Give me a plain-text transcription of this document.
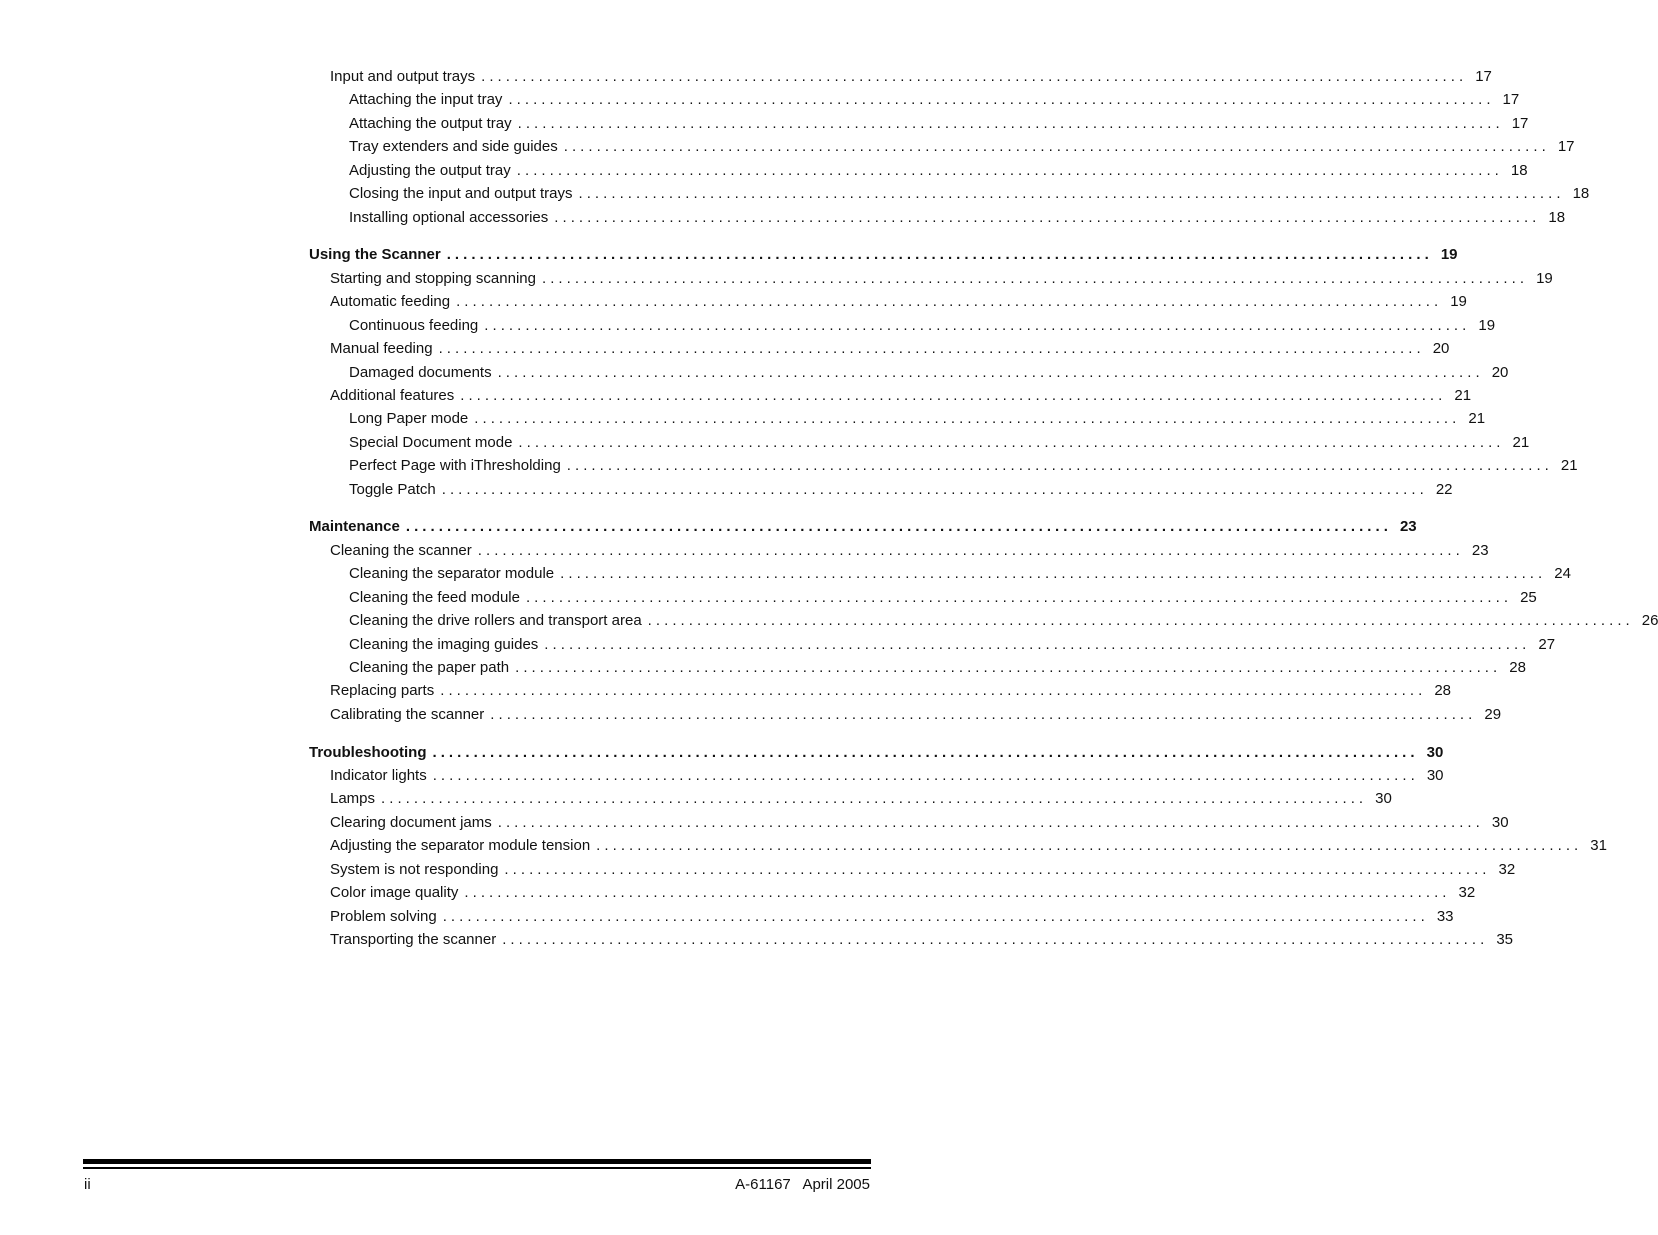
Input and output trays ........................................................................................................................ 17
Attaching the input tray ........................................................................................................................ 17
Attaching the output tray ........................................................................................................................ 17
Tray extenders and side guides ........................................................................................................................ 17
Adjusting the output tray ........................................................................................................................ 18
Closing the input and output trays ........................................................................................................................ 18
Installing optional accessories ........................................................................................................................ 18
Using the Scanner ........................................................................................................................ 19
Starting and stopping scanning ........................................................................................................................ 19
Automatic feeding ........................................................................................................................ 19
Continuous feeding ........................................................................................................................ 19
Manual feeding ........................................................................................................................ 20
Damaged documents ........................................................................................................................ 20
Additional features ........................................................................................................................ 21
Long Paper mode ........................................................................................................................ 21
Special Document mode ........................................................................................................................ 21
Perfect Page with iThresholding ........................................................................................................................ 21
Toggle Patch ........................................................................................................................ 22
Maintenance ........................................................................................................................ 23
Cleaning the scanner ........................................................................................................................ 23
Cleaning the separator module ........................................................................................................................ 24
Cleaning the feed module ........................................................................................................................ 25
Cleaning the drive rollers and transport area ........................................................................................................................ 26
Cleaning the imaging guides ........................................................................................................................ 27
Cleaning the paper path ........................................................................................................................ 28
Replacing parts ........................................................................................................................ 28
Calibrating the scanner ........................................................................................................................ 29
Troubleshooting ........................................................................................................................ 30
Indicator lights ........................................................................................................................ 30
Lamps ........................................................................................................................ 30
Clearing document jams ........................................................................................................................ 30
Adjusting the separator module tension ........................................................................................................................ 31
System is not responding ........................................................................................................................ 32
Color image quality ........................................................................................................................ 32
Problem solving ........................................................................................................................ 33
Transporting the scanner ........................................................................................................................ 35
ii	A-61167   April 2005
